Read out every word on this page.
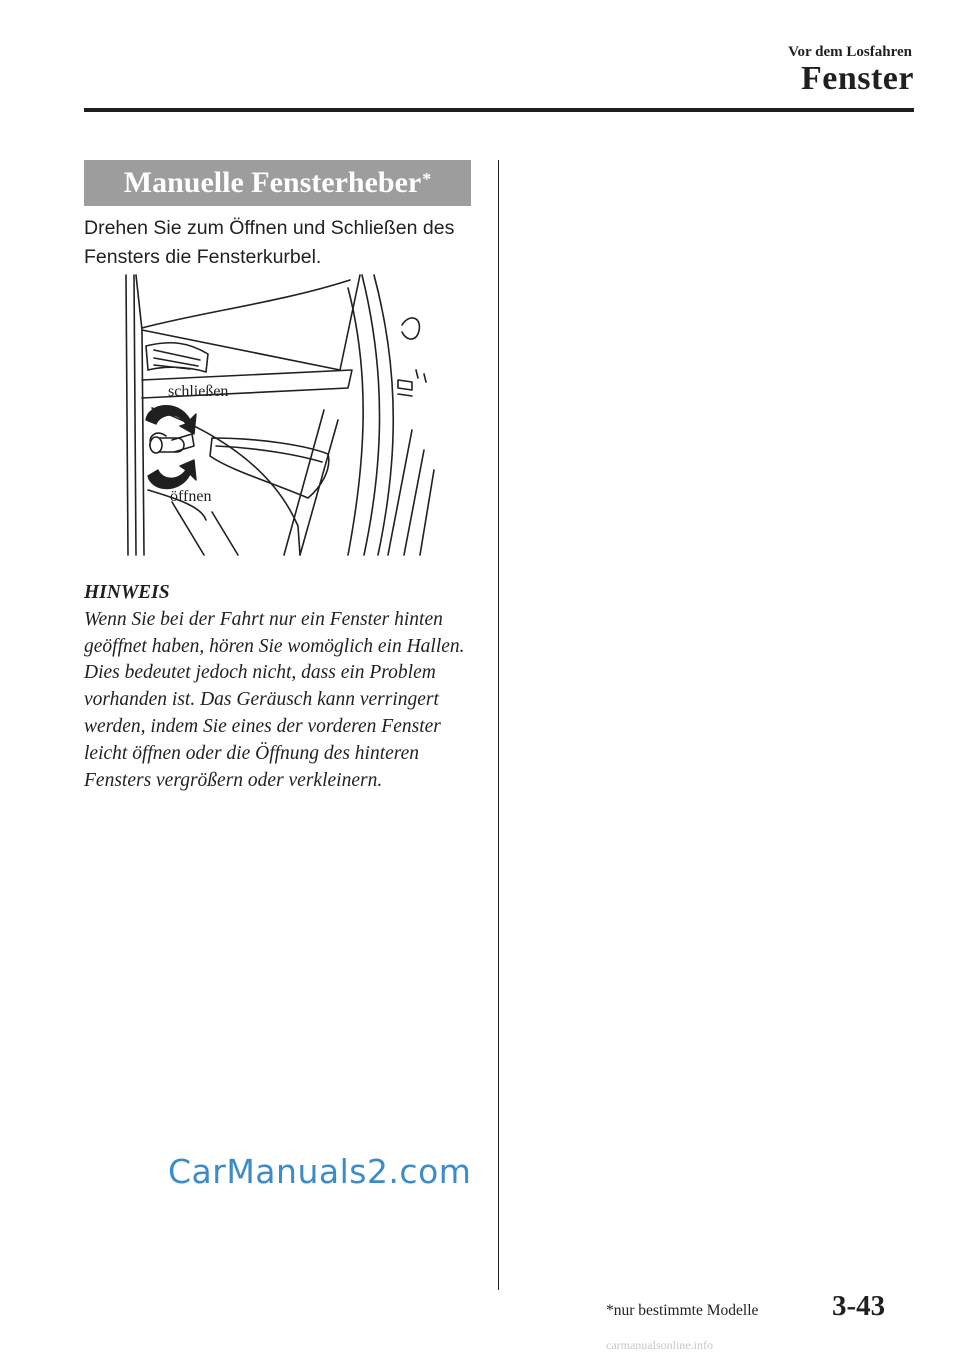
Vor dem Losfahren
Fenster
Manuelle Fensterheber*
Drehen Sie zum Öffnen und Schließen des Fensters die Fensterkurbel.
schließen
öffnen
HINWEIS
Wenn Sie bei der Fahrt nur ein Fenster hinten geöffnet haben, hören Sie womöglich ein Hallen. Dies bedeutet jedoch nicht, dass ein Problem vorhanden ist. Das Geräusch kann verringert werden, indem Sie eines der vorderen Fenster leicht öffnen oder die Öffnung des hinteren Fensters vergrößern oder verkleinern.
CarManuals2.com
*nur bestimmte Modelle	3-43
carmanualsonline.info
